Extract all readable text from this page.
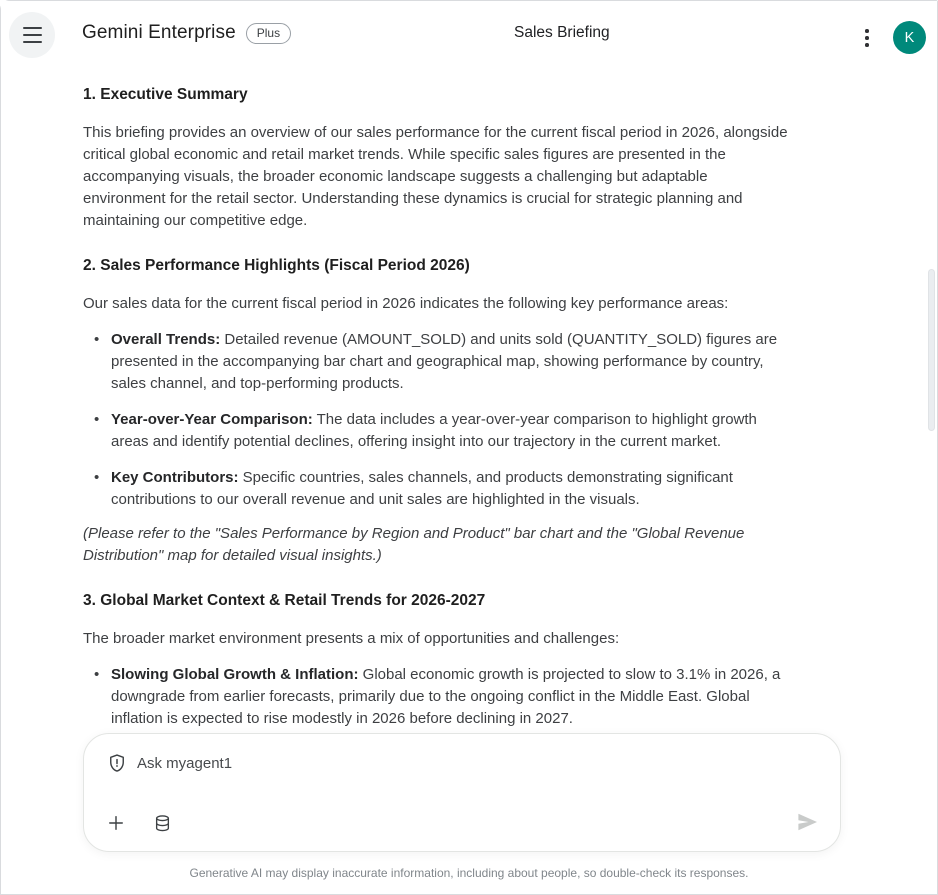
Gemini Enterprise	Plus	Sales Briefing	K
1. Executive Summary

This briefing provides an overview of our sales performance for the current fiscal period in 2026, alongside critical global economic and retail market trends. While specific sales figures are presented in the accompanying visuals, the broader economic landscape suggests a challenging but adaptable environment for the retail sector. Understanding these dynamics is crucial for strategic planning and maintaining our competitive edge.

2. Sales Performance Highlights (Fiscal Period 2026)

Our sales data for the current fiscal period in 2026 indicates the following key performance areas:

• Overall Trends: Detailed revenue (AMOUNT_SOLD) and units sold (QUANTITY_SOLD) figures are presented in the accompanying bar chart and geographical map, showing performance by country, sales channel, and top-performing products.
• Year-over-Year Comparison: The data includes a year-over-year comparison to highlight growth areas and identify potential declines, offering insight into our trajectory in the current market.
• Key Contributors: Specific countries, sales channels, and products demonstrating significant contributions to our overall revenue and unit sales are highlighted in the visuals.

(Please refer to the "Sales Performance by Region and Product" bar chart and the "Global Revenue Distribution" map for detailed visual insights.)

3. Global Market Context & Retail Trends for 2026-2027

The broader market environment presents a mix of opportunities and challenges:

• Slowing Global Growth & Inflation: Global economic growth is projected to slow to 3.1% in 2026, a downgrade from earlier forecasts, primarily due to the ongoing conflict in the Middle East. Global inflation is expected to rise modestly in 2026 before declining in 2027.
Ask myagent1
Generative AI may display inaccurate information, including about people, so double-check its responses.
